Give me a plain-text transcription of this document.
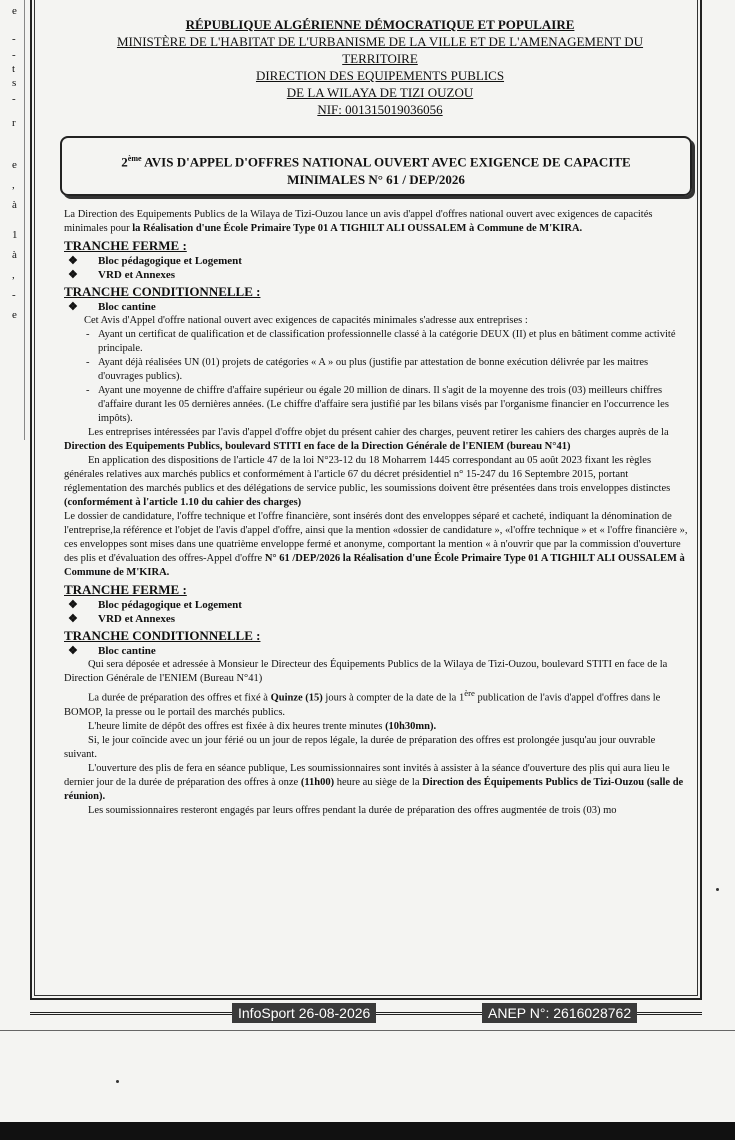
e
-
-
t
s
-
r
e
,
à
1
à
,
-
e
RÉPUBLIQUE ALGÉRIENNE DÉMOCRATIQUE ET POPULAIRE
MINISTÈRE DE L'HABITAT DE L'URBANISME DE LA VILLE ET DE L'AMENAGEMENT DU
TERRITOIRE
DIRECTION DES EQUIPEMENTS PUBLICS
DE LA WILAYA DE TIZI OUZOU
NIF: 001315019036056
2ème AVIS D'APPEL D'OFFRES NATIONAL OUVERT AVEC EXIGENCE DE CAPACITE
MINIMALES N° 61 / DEP/2026

La Direction des Equipements Publics de la Wilaya de Tizi-Ouzou lance un avis d'appel d'offres national ouvert avec exigences de capacités minimales pour la Réalisation d'une École Primaire Type 01 A TIGHILT ALI OUSSALEM à Commune de M'KIRA.

TRANCHE FERME :
❖ Bloc pédagogique et Logement
❖ VRD et Annexes
TRANCHE CONDITIONNELLE :
❖ Bloc cantine

Cet Avis d'Appel d'offre national ouvert avec exigences de capacités minimales s'adresse aux entreprises :

- Ayant un certificat de qualification et de classification professionnelle classé à la catégorie DEUX (II) et plus en bâtiment comme activité principale.
- Ayant déjà réalisées UN (01) projets de catégories « A » ou plus (justifie par attestation de bonne exécution délivrée par les maitres d'ouvrages publics).
- Ayant une moyenne de chiffre d'affaire supérieur ou égale 20 million de dinars. Il s'agit de la moyenne des trois (03) meilleurs chiffres d'affaire durant les 05 dernières années. (Le chiffre d'affaire sera justifié par les bilans visés par l'organisme financier en l'occurrence les impôts).

Les entreprises intéressées par l'avis d'appel d'offre objet du présent cahier des charges, peuvent retirer les cahiers des charges auprès de la Direction des Equipements Publics, boulevard STITI en face de la Direction Générale de l'ENIEM (bureau N°41)

En application des dispositions de l'article 47 de la loi N°23-12 du 18 Moharrem 1445 correspondant au 05 août 2023 fixant les règles générales relatives aux marchés publics et conformément à l'article 67 du décret présidentiel n° 15-247 du 16 Septembre 2015, portant réglementation des marchés publics et des délégations de service public, les soumissions doivent être présentées dans trois enveloppes distinctes (conformément à l'article 1.10 du cahier des charges)

Le dossier de candidature, l'offre technique et l'offre financière, sont insérés dont des enveloppes séparé et cacheté, indiquant la dénomination de l'entreprise,la référence et l'objet de l'avis d'appel d'offre, ainsi que la mention «dossier de candidature », «l'offre technique » et « l'offre financière », ces enveloppes sont mises dans une quatrième enveloppe fermé et anonyme, comportant la mention « à n'ouvrir que par la commission d'ouverture des plis et d'évaluation des offres-Appel d'offre N° 61 /DEP/2026 la Réalisation d'une École Primaire Type 01 A TIGHILT ALI OUSSALEM à Commune de M'KIRA.

TRANCHE FERME :
❖ Bloc pédagogique et Logement
❖ VRD et Annexes
TRANCHE CONDITIONNELLE :
❖ Bloc cantine

Qui sera déposée et adressée à Monsieur le Directeur des Équipements Publics de la Wilaya de Tizi-Ouzou, boulevard STITI en face de la Direction Générale de l'ENIEM (Bureau N°41)

La durée de préparation des offres et fixé à Quinze (15) jours à compter de la date de la 1ère publication de l'avis d'appel d'offres dans le BOMOP, la presse ou le portail des marchés publics.

L'heure limite de dépôt des offres est fixée à dix heures trente minutes (10h30mn).

Si, le jour coïncide avec un jour férié ou un jour de repos légale, la durée de préparation des offres est prolongée jusqu'au jour ouvrable suivant.

L'ouverture des plis de fera en séance publique, Les soumissionnaires sont invités à assister à la séance d'ouverture des plis qui aura lieu le dernier jour de la durée de préparation des offres à onze (11h00) heure au siège de la Direction des Équipements Publics de Tizi-Ouzou (salle de réunion).

Les soumissionnaires resteront engagés par leurs offres pendant la durée de préparation des offres augmentée de trois (03) mo

InfoSport 26-08-2026	ANEP N°: 2616028762
